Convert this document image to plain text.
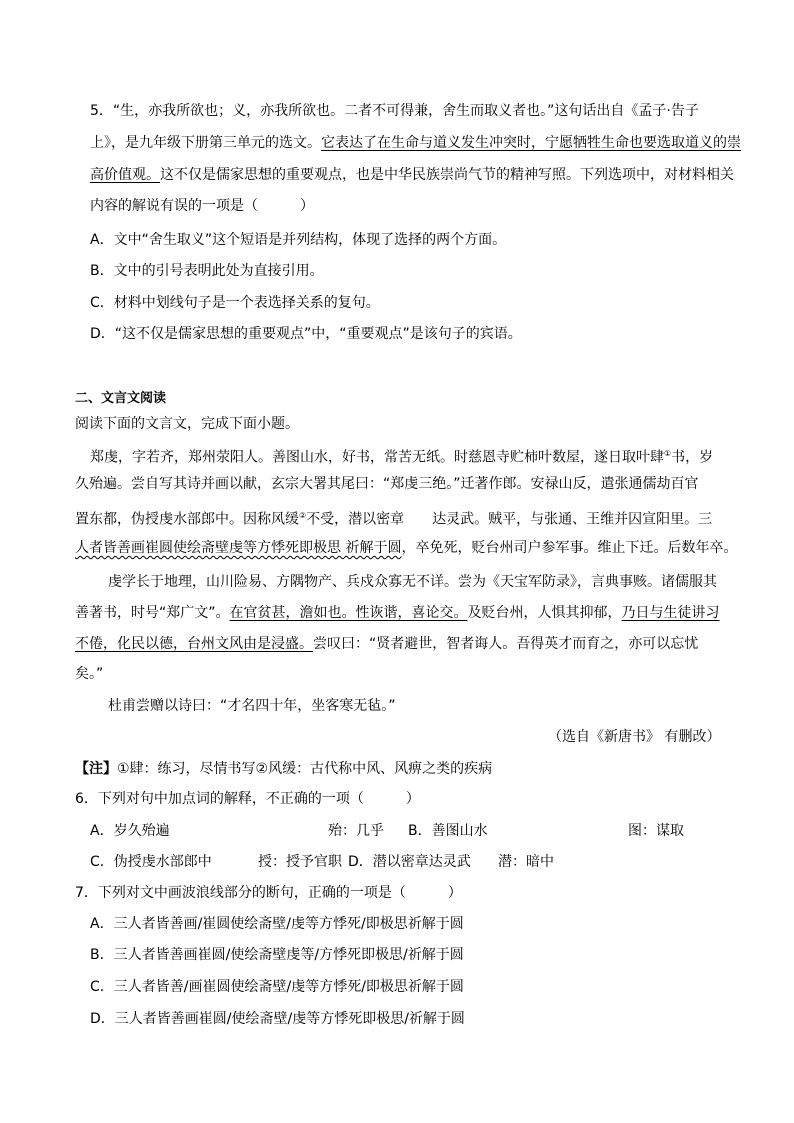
5．“生，亦我所欲也；义，亦我所欲也。二者不可得兼，舍生而取义者也。”这句话出自《孟子·告子
上》，是九年级下册第三单元的选文。它表达了在生命与道义发生冲突时，宁愿牺牲生命也要选取道义的崇
高价值观。这不仅是儒家思想的重要观点，也是中华民族崇尚气节的精神写照。下列选项中，对材料相关
内容的解说有误的一项是（　　　）
A．文中“舍生取义”这个短语是并列结构，体现了选择的两个方面。
B．文中的引号表明此处为直接引用。
C．材料中划线句子是一个表选择关系的复句。
D．“这不仅是儒家思想的重要观点”中，“重要观点”是该句子的宾语。
二、文言文阅读
阅读下面的文言文，完成下面小题。
郑虔，字若齐，郑州荥阳人。善图山水，好书，常苦无纸。时慈恩寺贮柿叶数屋，遂日取叶肆①书，岁
久殆遍。尝自写其诗并画以献，玄宗大署其尾曰：“郑虔三绝。”迁著作郎。安禄山反，遣张通儒劫百官
置东都，伪授虔水部郎中。因称风缓②不受，潜以密章　　达灵武。贼平，与张通、王维并囚宣阳里。三
人者皆善画崔圆使绘斋壁虔等方悸死即极思 祈解于圆，卒免死，贬台州司户参军事。维止下迁。后数年卒。
虔学长于地理，山川险易、方隅物产、兵戍众寡无不详。尝为《天宝军防录》，言典事赅。诸儒服其
善著书，时号“郑广文”。在官贫甚，澹如也。性诙谐，喜论交。及贬台州，人惧其抑郁，乃日与生徒讲习
不倦，化民以德，台州文风由是浸盛。尝叹曰：“贤者避世，智者诲人。吾得英才而育之，亦可以忘忧
矣。”
杜甫尝赠以诗曰：“才名四十年，坐客寒无毡。”
（选自《新唐书》 有删改）
【注】①肆：练习，尽情书写②风缓：古代称中风、风痹之类的疾病
6．下列对句中加点词的解释，不正确的一项（　　　）
A．岁久殆遍	殆：几乎 B．善图山水	图：谋取
C．伪授虔水部郎中	授：授予官职 D．潜以密章达灵武 潜：暗中
7．下列对文中画波浪线部分的断句，正确的一项是（　　　）
A．三人者皆善画/崔圆使绘斋壁/虔等方悸死/即极思祈解于圆
B．三人者皆善画崔圆/使绘斋壁虔等/方悸死即极思/祈解于圆
C．三人者皆善/画崔圆使绘斋壁/虔等方悸死/即极思祈解于圆
D．三人者皆善画崔圆/使绘斋壁/虔等方悸死即极思/祈解于圆
